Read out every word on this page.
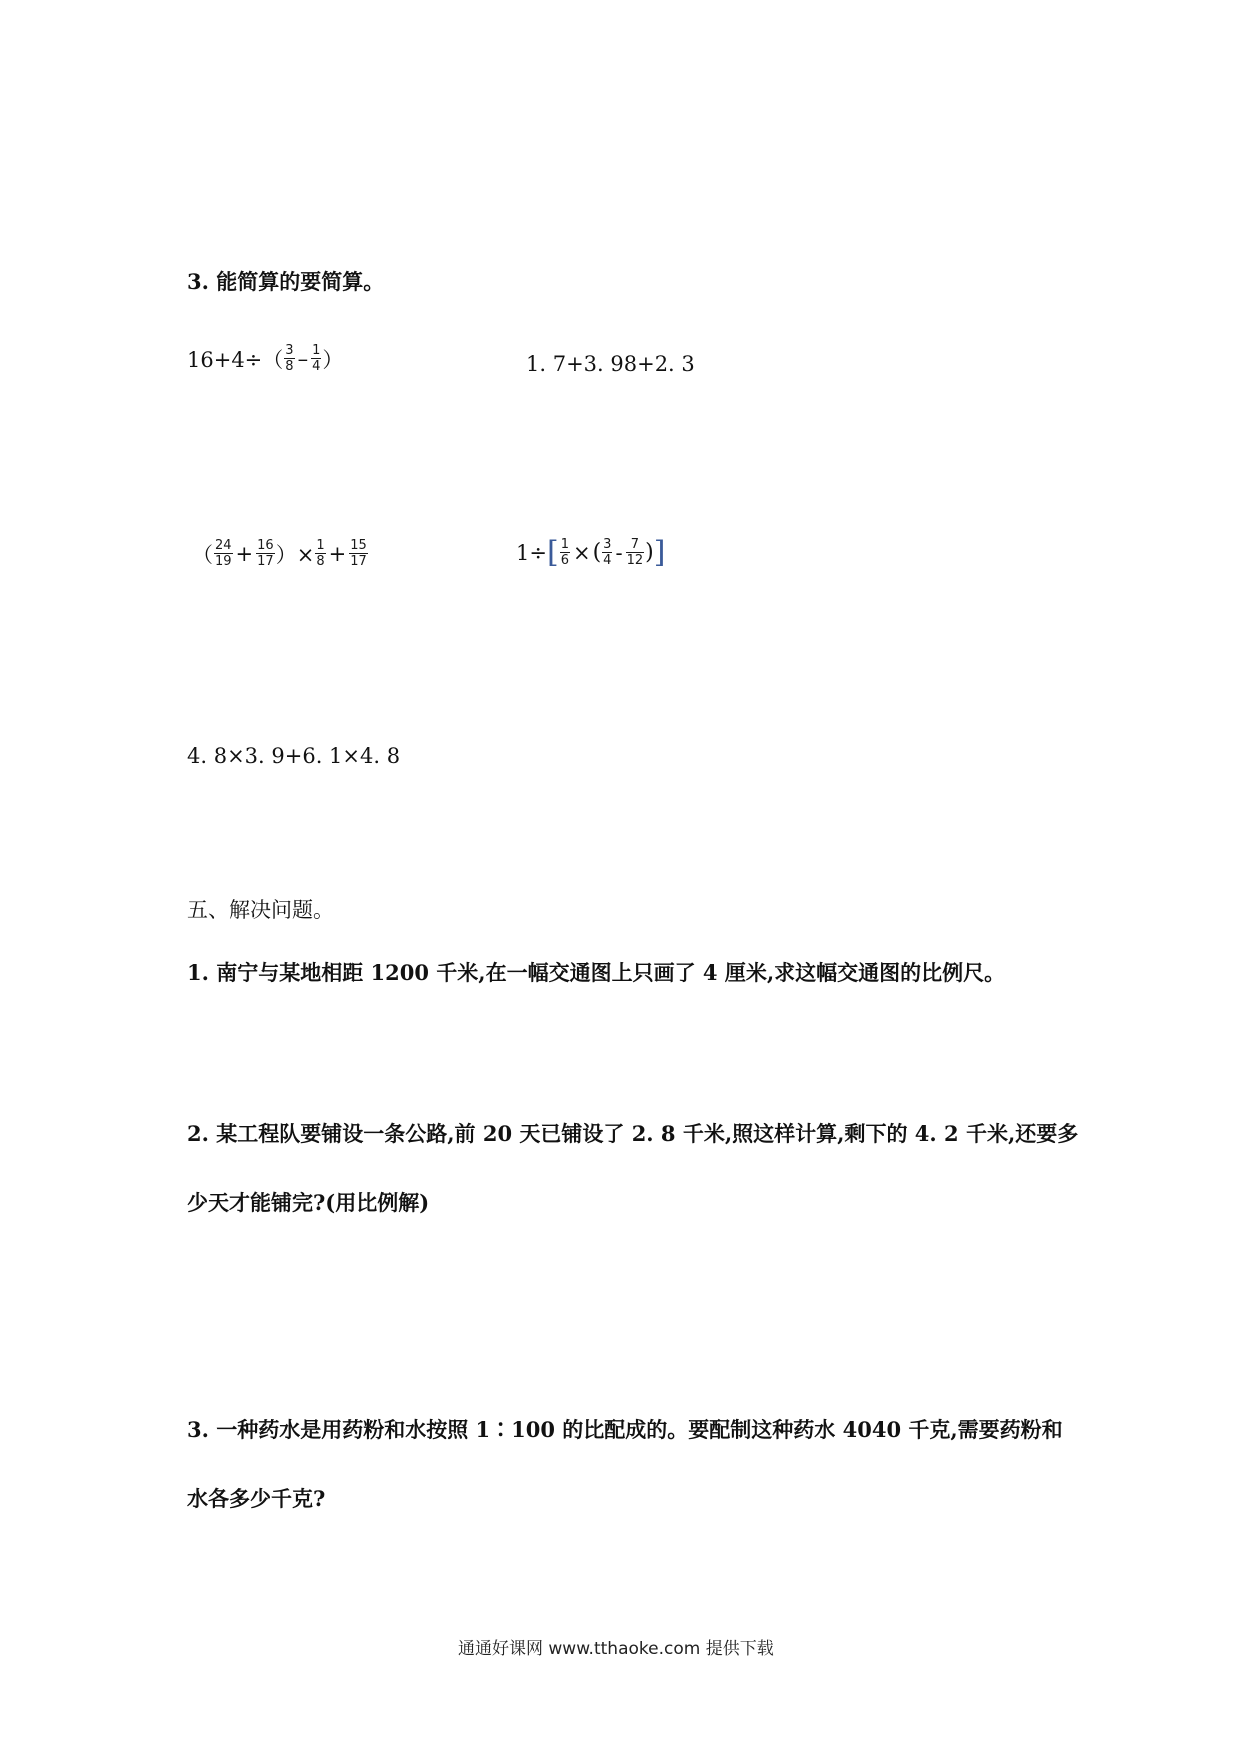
3. 能简算的要简算。
$16+4\div( \frac{3}{8} - \frac{1}{4}$ ）	1. 7+3. 98+2. 3
（ $\frac{24}{19} + \frac{16}{17}$ ）× $\frac{1}{8} + \frac{15}{17}$	1÷ [ $\frac{1}{6}$ × ( $\frac{3}{4} - \frac{7}{12}$ ) ]
4. 8×3. 9+6. 1×4. 8
五、解决问题。
1. 南宁与某地相距 1200 千米,在一幅交通图上只画了 4 厘米,求这幅交通图的比例尺。
2. 某工程队要铺设一条公路,前 20 天已铺设了 2. 8 千米,照这样计算,剩下的 4. 2 千米,还要多
少天才能铺完?(用比例解)
3. 一种药水是用药粉和水按照 1∶100 的比配成的。要配制这种药水 4040 千克,需要药粉和
水各多少千克?
通通好课网 www.tthaoke.com 提供下载
